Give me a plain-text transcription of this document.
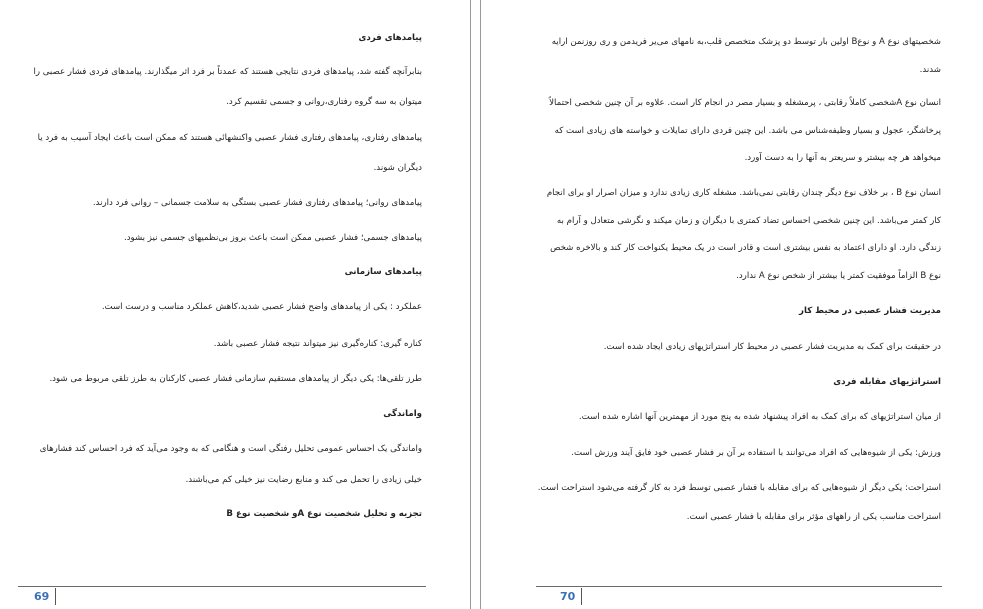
پیامدهای فردی
بنابرآنچه گفته شد، پیامدهای فردی نتایجی هستند که عمدتاً بر فرد اثر میگذارند. پیامدهای فردی فشار عصبی را
میتوان به سه گروه رفتاری،روانی و جسمی تقسیم کرد.
پیامدهای رفتاری، پیامدهای رفتاری فشار عصبی واکنشهائی هستند که ممکن است باعث ایجاد آسیب به فرد یا
دیگران شوند.
پیامدهای روانی؛ پیامدهای رفتاری فشار عصبی بستگی به سلامت جسمانی – روانی فرد دارند.
پیامدهای جسمی؛ فشار عصبی ممکن است باعث بروز بی‌نظمیهای جسمی نیز بشود.
پیامدهای سازمانی
عملکرد : یکی از پیامدهای واضح فشار عصبی شدید،کاهش عملکرد مناسب و درست است.
کناره گیری: کناره‌گیری نیز میتواند نتیجه فشار عصبی باشد.
طرز تلقی‌ها: یکی دیگر از پیامدهای مستقیم سازمانی فشار عصبی کارکنان به طرز تلقی مربوط می شود.
واماندگی
واماندگی یک احساس عمومی تحلیل رفتگی است و هنگامی که به وجود می‌آید که فرد احساس کند فشارهای
خیلی زیادی را تحمل می کند و منابع رضایت نیز خیلی کم می‌باشند.
تجزیه و تحلیل شخصیت نوع Aو شخصیت نوع B
69
شخصیتهای نوع A و نوعB اولین بار توسط دو پزشک متخصص قلب،به نامهای می‌یر فریدمن و ری روزنمن ارایه
شدند.
انسان نوع Aشخصی کاملاً رقابتی ، پرمشغله و بسیار مصر در انجام کار است. علاوه بر آن چنین شخصی احتمالاً
پرخاشگر، عجول و بسیار وظیفه‌شناس می باشد. این چنین فردی دارای تمایلات و خواسته های زیادی است که
میخواهد هر چه بیشتر و سریعتر به آنها را به دست آورد.
انسان نوع B ، بر خلاف نوع دیگر چندان رقابتی نمی‌باشد. مشغله کاری زیادی ندارد و میزان اصرار او برای انجام
کار کمتر می‌باشد. این چنین شخصی احساس تضاد کمتری با دیگران و زمان میکند و نگرشی متعادل و آرام به
زندگی دارد. او دارای اعتماد به نفس بیشتری است و قادر است در یک محیط یکنواخت کار کند و بالاخره شخص
نوع B الزاماً موفقیت کمتر یا بیشتر از شخص نوع A ندارد.
مدیریت فشار عصبی در محیط کار
در حقیقت برای کمک به مدیریت فشار عصبی در محیط کار استراتژیهای زیادی ایجاد شده است.
استراتژیهای مقابله فردی
از میان استراتژیهای که برای کمک به افراد پیشنهاد شده به پنج مورد از مهمترین آنها اشاره شده است.
ورزش: یکی از شیوه‌هایی که افراد می‌توانند با استفاده بر آن بر فشار عصبی خود فایق آیند ورزش است.
استراحت: یکی دیگر از شیوه‌هایی که برای مقابله با فشار عصبی توسط فرد به کار گرفته می‌شود استراحت است.
استراحت مناسب یکی از راههای مؤثر برای مقابله با فشار عصبی است.
70
